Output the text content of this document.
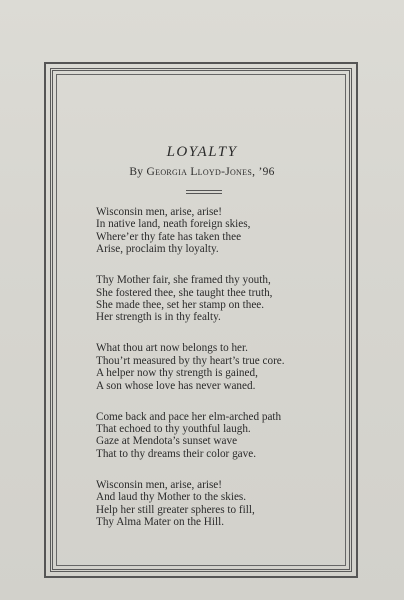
LOYALTY
By Georgia Lloyd-Jones, ’96
Wisconsin men, arise, arise!
In native land, neath foreign skies,
Where’er thy fate has taken thee
Arise, proclaim thy loyalty.
Thy Mother fair, she framed thy youth,
She fostered thee, she taught thee truth,
She made thee, set her stamp on thee.
Her strength is in thy fealty.
What thou art now belongs to her.
Thou’rt measured by thy heart’s true core.
A helper now thy strength is gained,
A son whose love has never waned.
Come back and pace her elm-arched path
That echoed to thy youthful laugh.
Gaze at Mendota’s sunset wave
That to thy dreams their color gave.
Wisconsin men, arise, arise!
And laud thy Mother to the skies.
Help her still greater spheres to fill,
Thy Alma Mater on the Hill.
